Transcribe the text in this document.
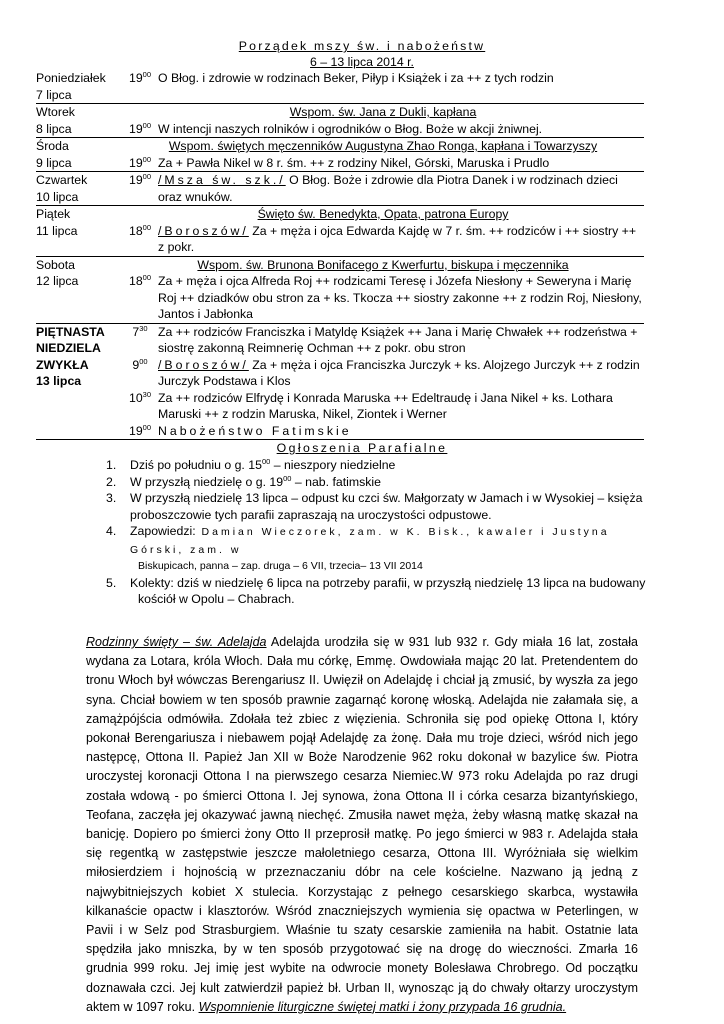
Porządek mszy św. i nabożeństw
6 – 13 lipca 2014 r.
Poniedziałek
7 lipca	$19^{00}$	O Błog. i zdrowie w rodzinach Beker, Piłyp i Książek i za ++ z tych rodzin
Wtorek
8 lipca	Wspom. św. Jana z Dukli, kapłana	
	$19^{00}$	W intencji naszych rolników i ogrodników o Błog. Boże w akcji żniwnej.
Środa
9 lipca	Wspom. świętych męczenników Augustyna Zhao Ronga, kapłana i Towarzyszy	
	$19^{00}$	Za + Pawła Nikel w 8 r. śm. ++ z rodziny Nikel, Górski, Maruska i Prudlo
Czwartek
10 lipca	$19^{00}$	/Msza św. szk./ O Błog. Boże i zdrowie dla Piotra Danek i w rodzinach dzieci oraz wnuków.
Piątek
11 lipca	Święto św. Benedykta, Opata, patrona Europy	
	$18^{00}$	/Boroszów/ Za + męża i ojca Edwarda Kajdę w 7 r. śm. ++ rodziców i ++ siostry ++ z pokr.
Sobota
12 lipca	Wspom. św. Brunona Bonifacego z Kwerfurtu, biskupa i męczennika	
	$18^{00}$	Za + męża i ojca Alfreda Roj ++ rodzicami Teresę i Józefa Niesłony + Seweryna i Marię Roj ++ dziadków obu stron za + ks. Tkocza ++ siostry zakonne ++ z rodzin Roj, Niesłony, Jantos i Jabłonka
PIĘTNASTA
NIEDZIELA
ZWYKŁA
13 lipca	$7^{30}$	Za ++ rodziców Franciszka i Matyldę Książek ++ Jana i Marię Chwałek ++ rodzeństwa + siostrę zakonną Reimnerię Ochman ++ z pokr. obu stron
	$9^{00}$	/Boroszów/ Za + męża i ojca Franciszka Jurczyk + ks. Alojzego Jurczyk ++ z rodzin Jurczyk Podstawa i Klos
	$10^{30}$	Za ++ rodziców Elfrydę i Konrada Maruska ++ Edeltraudę i Jana Nikel + ks. Lothara Maruski ++ z rodzin Maruska, Nikel, Ziontek i Werner
	$19^{00}$	Nabożeństwo Fatimskie

Ogłoszenia Parafialne
1. Dziś po południu o g. $15^{00}$ – nieszpory niedzielne
2. W przyszłą niedzielę o g. $19^{00}$ – nab. fatimskie
3. W przyszłą niedzielę 13 lipca – odpust ku czci św. Małgorzaty w Jamach i w Wysokiej – księża proboszczowie tych parafii zapraszają na uroczystości odpustowe.
4. Zapowiedzi: Damian Wieczorek, zam. w K. Bisk., kawaler i Justyna Górski, zam. w
Biskupicach, panna – zap. druga – 6 VII, trzecia– 13 VII 2014
5. Kolekty: dziś w niedzielę 6 lipca na potrzeby parafii, w przyszłą niedzielę 13 lipca na budowany
kościół w Opolu – Chabrach.
Rodzinny święty – św. Adelajda Adelajda urodziła się w 931 lub 932 r. Gdy miała 16 lat, została wydana za Lotara, króla Włoch. Dała mu córkę, Emmę. Owdowiała mając 20 lat. Pretendentem do tronu Włoch był wówczas Berengariusz II. Uwięził on Adelajdę i chciał ją zmusić, by wyszła za jego syna. Chciał bowiem w ten sposób prawnie zagarnąć koronę włoską. Adelajda nie załamała się, a zamążpójścia odmówiła. Zdołała też zbiec z więzienia. Schroniła się pod opiekę Ottona I, który pokonał Berengariusza i niebawem pojął Adelajdę za żonę. Dała mu troje dzieci, wśród nich jego następcę, Ottona II. Papież Jan XII w Boże Narodzenie 962 roku dokonał w bazylice św. Piotra uroczystej koronacji Ottona I na pierwszego cesarza Niemiec.W 973 roku Adelajda po raz drugi została wdową - po śmierci Ottona I. Jej synowa, żona Ottona II i córka cesarza bizantyńskiego, Teofana, zaczęła jej okazywać jawną niechęć. Zmusiła nawet męża, żeby własną matkę skazał na banicję. Dopiero po śmierci żony Otto II przeprosił matkę. Po jego śmierci w 983 r. Adelajda stała się regentką w zastępstwie jeszcze małoletniego cesarza, Ottona III. Wyróżniała się wielkim miłosierdziem i hojnością w przeznaczaniu dóbr na cele kościelne. Nazwano ją jedną z najwybitniejszych kobiet X stulecia. Korzystając z pełnego cesarskiego skarbca, wystawiła kilkanaście opactw i klasztorów. Wśród znaczniejszych wymienia się opactwa w Peterlingen, w Pavii i w Selz pod Strasburgiem. Właśnie tu szaty cesarskie zamieniła na habit. Ostatnie lata spędziła jako mniszka, by w ten sposób przygotować się na drogę do wieczności. Zmarła 16 grudnia 999 roku. Jej imię jest wybite na odwrocie monety Bolesława Chrobrego. Od początku doznawała czci. Jej kult zatwierdził papież bł. Urban II, wynosząc ją do chwały ołtarzy uroczystym aktem w 1097 roku. Wspomnienie liturgiczne świętej matki i żony przypada 16 grudnia.
